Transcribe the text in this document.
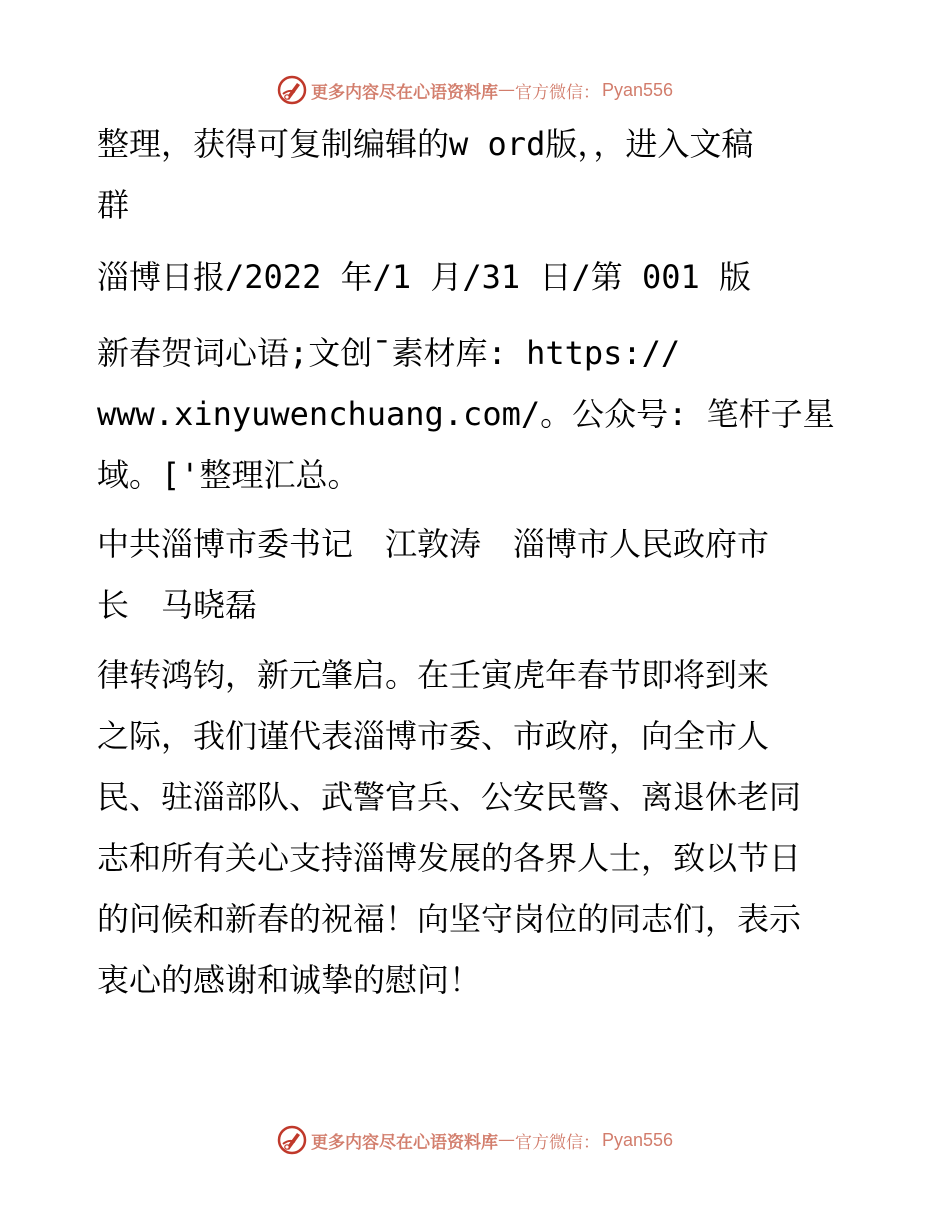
更多内容尽在心语资料库 — 官方微信： Pyan556

整理，获得可复制编辑的w ord版，，进入文稿
群

淄博日报/2022 年/1 月/31 日/第 001 版

新春贺词心语;文创¯素材库: https://
www.xinyuwenchuang.com/。公众号: 笔杆子星
域。['整理汇总。

中共淄博市委书记　江敦涛　淄博市人民政府市
长　马晓磊

律转鸿钧，新元肇启。在壬寅虎年春节即将到来
之际，我们谨代表淄博市委、市政府，向全市人
民、驻淄部队、武警官兵、公安民警、离退休老同
志和所有关心支持淄博发展的各界人士，致以节日
的问候和新春的祝福！向坚守岗位的同志们，表示
衷心的感谢和诚挚的慰问！

更多内容尽在心语资料库 — 官方微信： Pyan556
